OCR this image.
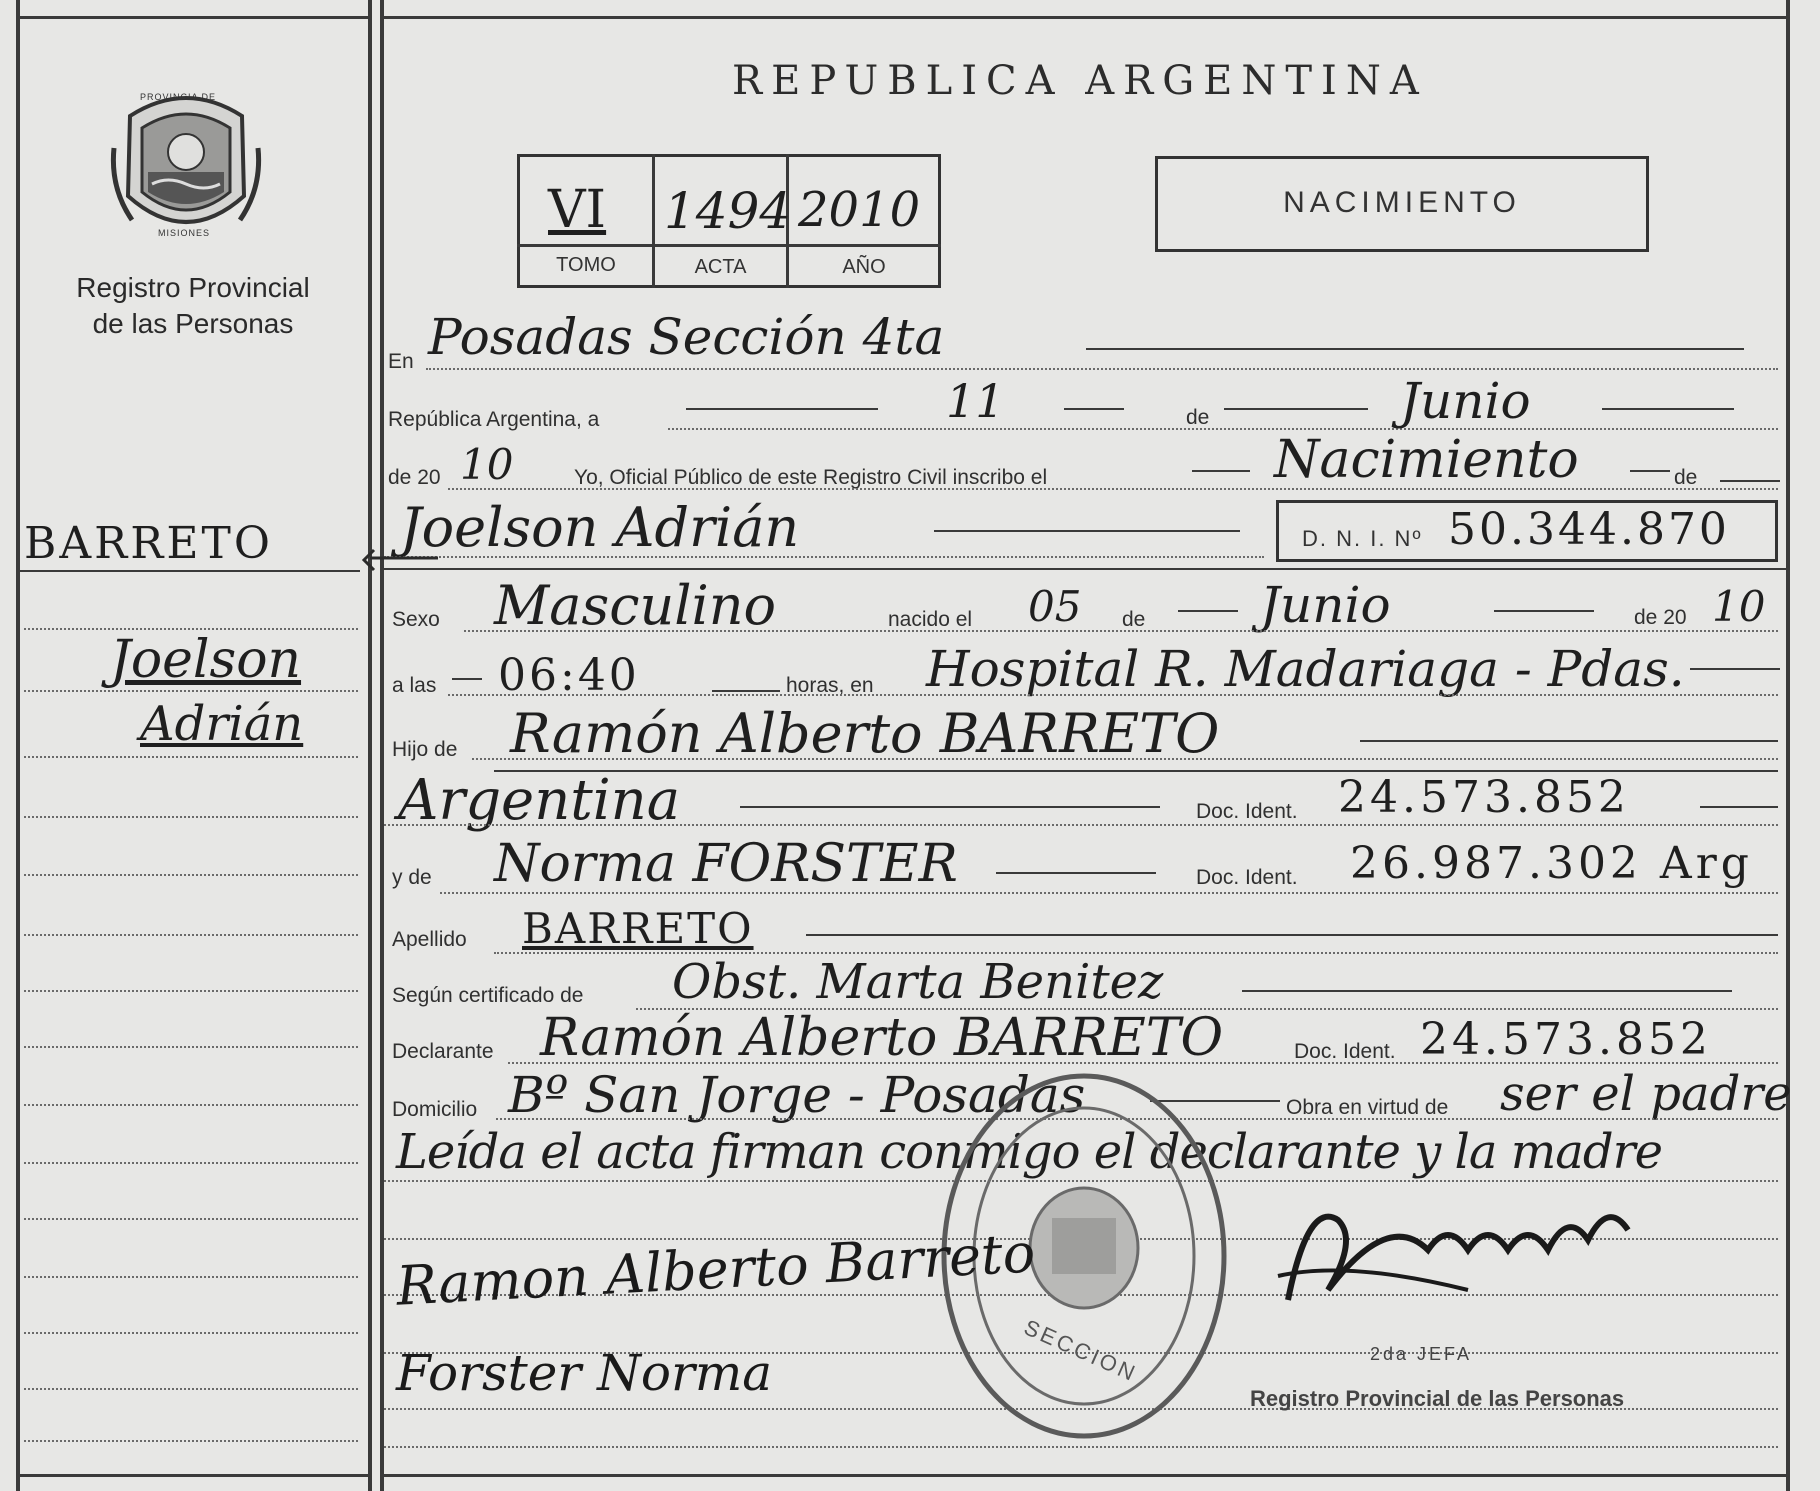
PROVINCIA DE
MISIONES
Registro Provincial
de las Personas
BARRETO
Joelson
Adrián
REPUBLICA ARGENTINA
VI 1494 2010
TOMO	ACTA	AÑO
NACIMIENTO
En Posadas Sección 4ta
República Argentina, a	11	de	Junio
de 20 10	Yo, Oficial Público de este Registro Civil inscribo el	Nacimiento	de
Joelson Adrián	D. N. I. Nº 50.344.870
Sexo Masculino	nacido el 05 de Junio	de 20 10
a las 06:40	horas, en Hospital R. Madariaga - Pdas.
Hijo de Ramón Alberto BARRETO
Argentina	Doc. Ident. 24.573.852
y de Norma FORSTER	Doc. Ident. 26.987.302 Arg
Apellido BARRETO
Según certificado de Obst. Marta Benitez
Declarante Ramón Alberto BARRETO	Doc. Ident. 24.573.852
Domicilio Bº San Jorge - Posadas	Obra en virtud de ser el padre
Leída el acta firman conmigo el declarante y la madre
SECCION
Ramon Alberto Barreto
Forster Norma	2da JEFA
Registro Provincial de las Personas
